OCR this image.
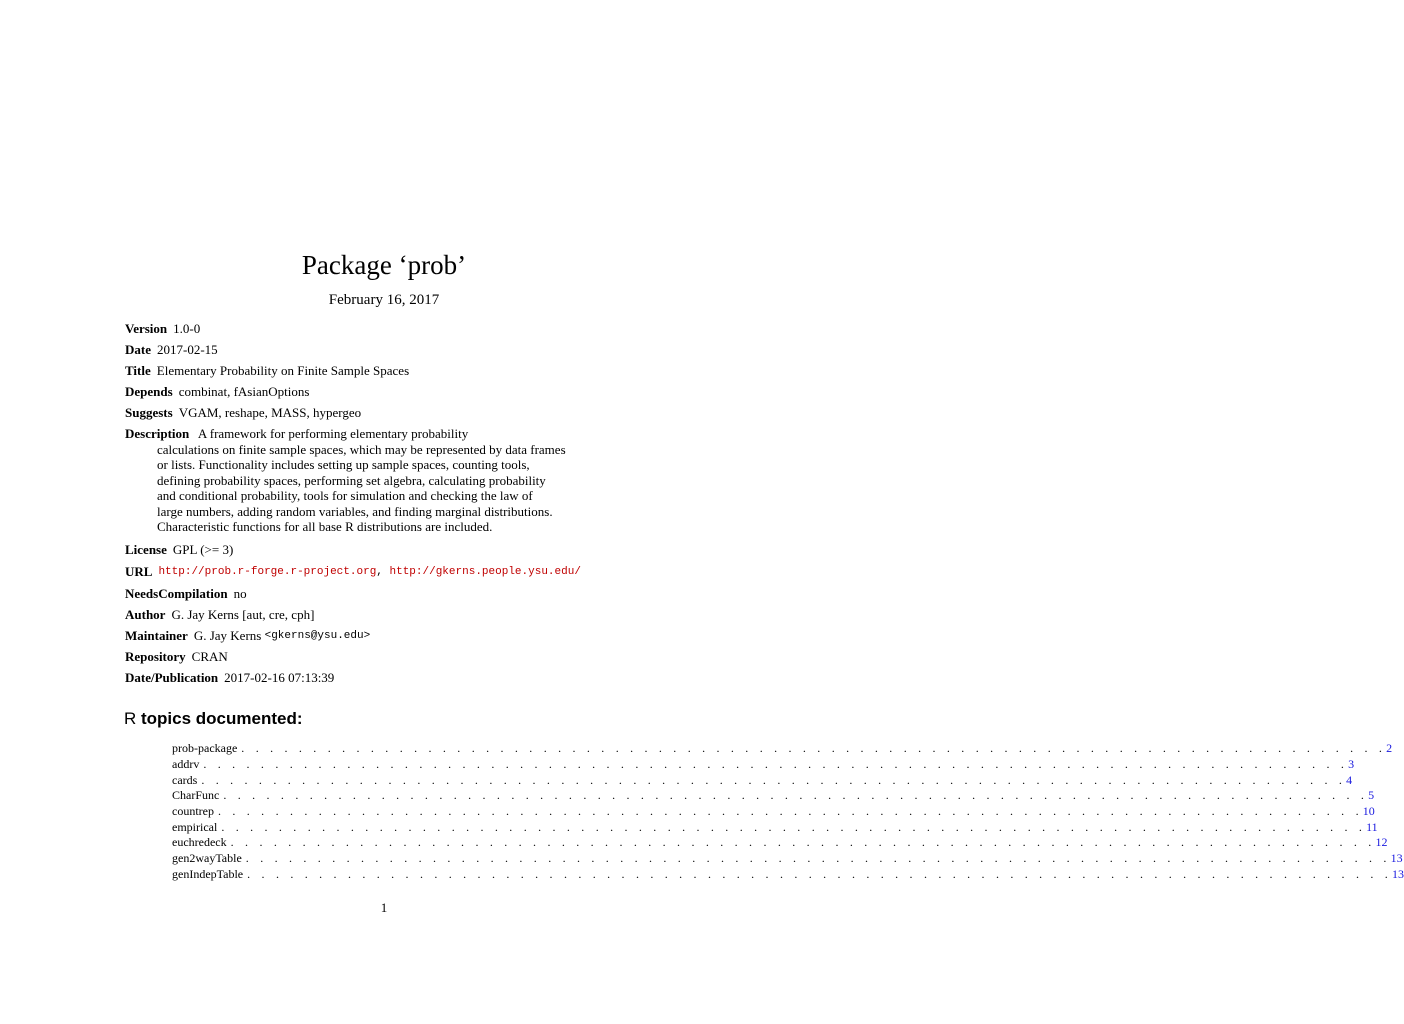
Package ‘prob’
February 16, 2017
Version 1.0-0
Date 2017-02-15
Title Elementary Probability on Finite Sample Spaces
Depends combinat, fAsianOptions
Suggests VGAM, reshape, MASS, hypergeo
Description A framework for performing elementary probability
calculations on finite sample spaces, which may be represented by data frames
or lists. Functionality includes setting up sample spaces, counting tools,
defining probability spaces, performing set algebra, calculating probability
and conditional probability, tools for simulation and checking the law of
large numbers, adding random variables, and finding marginal distributions.
Characteristic functions for all base R distributions are included.
License GPL (>= 3)
URL http://prob.r-forge.r-project.org , http://gkerns.people.ysu.edu/
NeedsCompilation no
Author G. Jay Kerns [aut, cre, cph]
Maintainer G. Jay Kerns <gkerns@ysu.edu>
Repository CRAN
Date/Publication 2017-02-16 07:13:39
R topics documented:
prob-package . . . . . . . . . . . . . . . . . . . . . . . . . . . . . . . . . . . . . . . . . . . . . . . . . . . . . . . . . . . . . . . . . . . . . . . . . . . . . . . . 2
addrv . . . . . . . . . . . . . . . . . . . . . . . . . . . . . . . . . . . . . . . . . . . . . . . . . . . . . . . . . . . . . . . . . . . . . . . . . . . . . . . . 3
cards . . . . . . . . . . . . . . . . . . . . . . . . . . . . . . . . . . . . . . . . . . . . . . . . . . . . . . . . . . . . . . . . . . . . . . . . . . . . . . . . 4
CharFunc . . . . . . . . . . . . . . . . . . . . . . . . . . . . . . . . . . . . . . . . . . . . . . . . . . . . . . . . . . . . . . . . . . . . . . . . . . . . . . . . 5
countrep . . . . . . . . . . . . . . . . . . . . . . . . . . . . . . . . . . . . . . . . . . . . . . . . . . . . . . . . . . . . . . . . . . . . . . . . . . . . . . . . 10
empirical . . . . . . . . . . . . . . . . . . . . . . . . . . . . . . . . . . . . . . . . . . . . . . . . . . . . . . . . . . . . . . . . . . . . . . . . . . . . . . . . 11
euchredeck . . . . . . . . . . . . . . . . . . . . . . . . . . . . . . . . . . . . . . . . . . . . . . . . . . . . . . . . . . . . . . . . . . . . . . . . . . . . . . . . 12
gen2wayTable . . . . . . . . . . . . . . . . . . . . . . . . . . . . . . . . . . . . . . . . . . . . . . . . . . . . . . . . . . . . . . . . . . . . . . . . . . . . . . . . 13
genIndepTable . . . . . . . . . . . . . . . . . . . . . . . . . . . . . . . . . . . . . . . . . . . . . . . . . . . . . . . . . . . . . . . . . . . . . . . . . . . . . . . . 13
1
